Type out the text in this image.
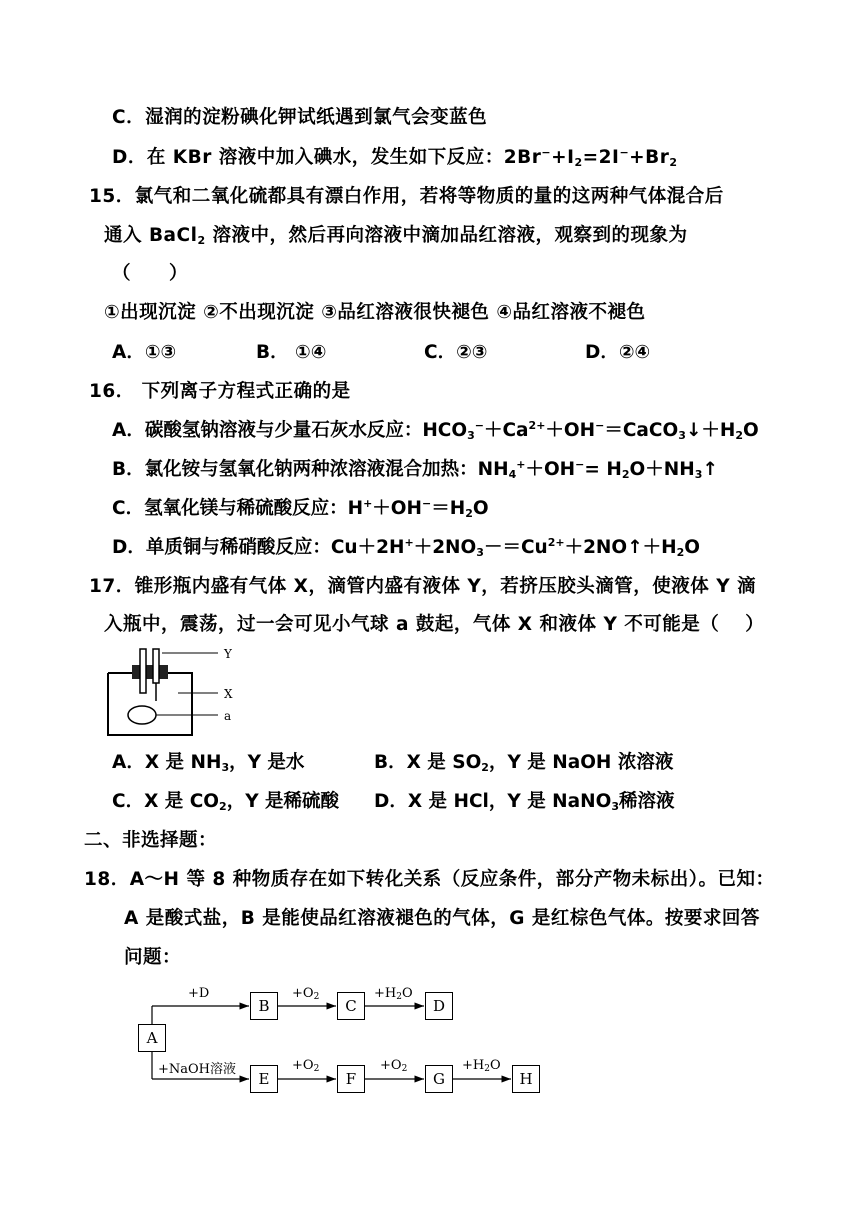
C．湿润的淀粉碘化钾试纸遇到氯气会变蓝色
D．在 KBr 溶液中加入碘水，发生如下反应：$2Br^-+I_2=2I^-+Br_2$
15．氯气和二氧化硫都具有漂白作用，若将等物质的量的这两种气体混合后
通入 BaCl$_2$ 溶液中，然后再向溶液中滴加品红溶液，观察到的现象为
（　　）
①出现沉淀 ②不出现沉淀 ③品红溶液很快褪色 ④品红溶液不褪色
A．①③	B． ①④	C．②③	D．②④
16． 下列离子方程式正确的是
A．碳酸氢钠溶液与少量石灰水反应：$HCO_3^-+Ca^{2+}+OH^-=CaCO_3↓+H_2O$
B．氯化铵与氢氧化钠两种浓溶液混合加热：$NH_4^++OH^-=$ $H_2O+NH_3↑$
C．氢氧化镁与稀硫酸反应：$H^++OH^-=H_2O$
D．单质铜与稀硝酸反应：$Cu+2H^++2NO_3-=Cu^{2+}+2NO↑+H_2O$
17．锥形瓶内盛有气体 X，滴管内盛有液体 Y，若挤压胶头滴管，使液体 Y 滴
入瓶中，震荡，过一会可见小气球 a 鼓起，气体 X 和液体 Y 不可能是（　 ）
Y
X
a
A．X 是 $NH_3$，Y 是水	B．X 是 $SO_2$，Y 是 NaOH 浓溶液
C．X 是 $CO_2$，Y 是稀硫酸 D．X 是 HCl，Y 是 NaNO$_3$稀溶液
二、非选择题：
18．A～H 等 8 种物质存在如下转化关系（反应条件，部分产物未标出）。已知：
A 是酸式盐，B 是能使品红溶液褪色的气体，G 是红棕色气体。按要求回答
问题：
A
B	C	D
E	F	G	H
+D	$+O_2$	$+H_2O$
+NaOH溶液	$+O_2$	$+O_2$	$+H_2O$
